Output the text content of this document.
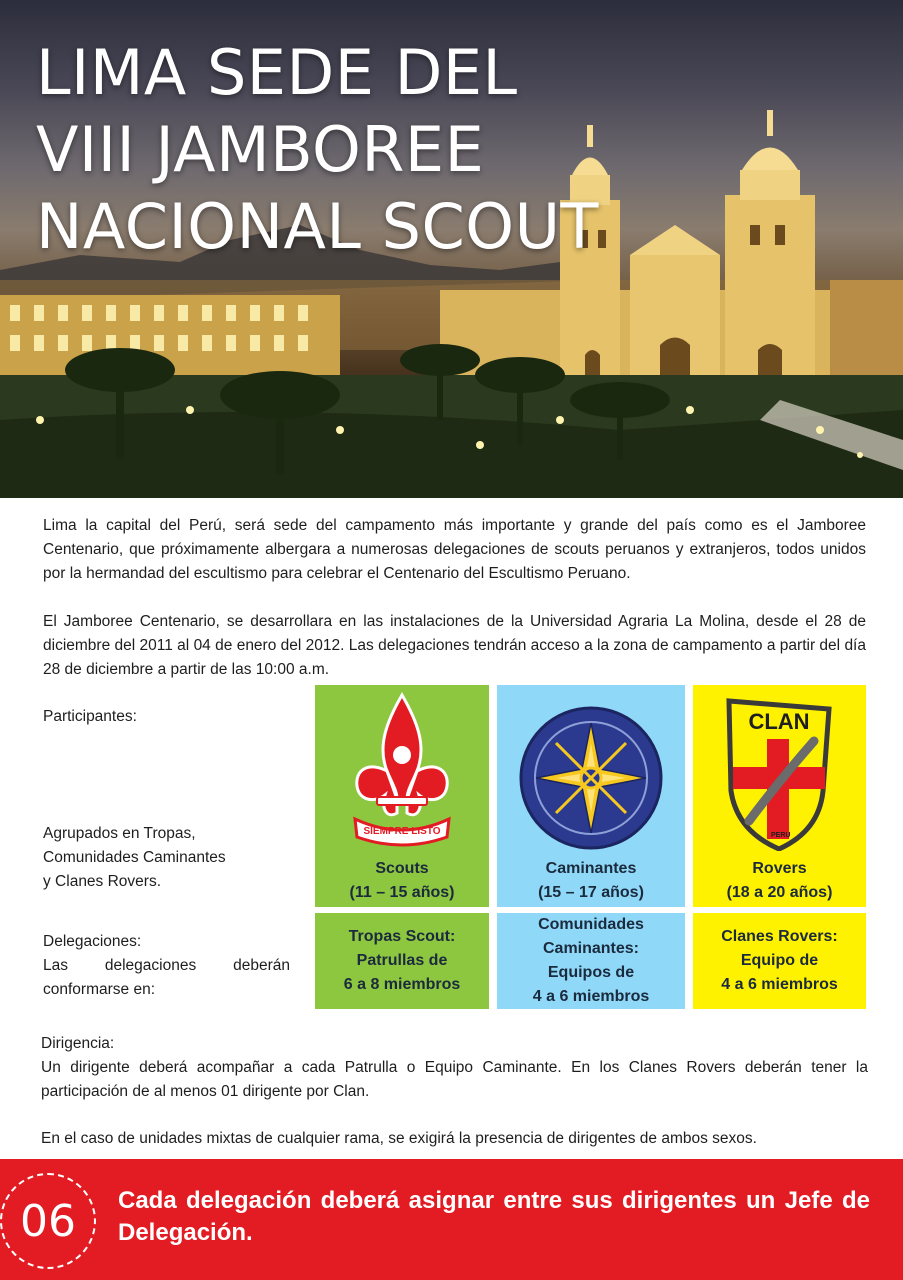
LIMA SEDE DEL
VIII JAMBOREE
NACIONAL SCOUT

Lima la capital del Perú, será sede del campamento más importante y grande del país como es el Jamboree Centenario, que próximamente albergara a numerosas delegaciones de scouts peruanos y extranjeros, todos unidos por la hermandad del escultismo para celebrar el Centenario del Escultismo Peruano.

El Jamboree Centenario, se desarrollara en las instalaciones de la Universidad Agraria La Molina, desde el 28 de diciembre del 2011 al 04 de enero del 2012. Las delegaciones tendrán acceso a la zona de campamento a partir del día 28 de diciembre a partir de las 10:00 a.m.

Participantes:

Agrupados en Tropas,
Comunidades Caminantes
y Clanes Rovers.

Delegaciones:

Las delegaciones deberán conformarse en:

SIEMPRE LISTO
Scouts
(11 – 15 años)
Caminantes
(15 – 17 años)
CLAN
PERU
Rovers
(18 a 20 años)
Tropas Scout:
Patrullas de
6 a 8 miembros
Comunidades
Caminantes:
Equipos de
4 a 6 miembros
Clanes Rovers:
Equipo de
4 a 6 miembros

Dirigencia:

Un dirigente deberá acompañar a cada Patrulla o Equipo Caminante. En los Clanes Rovers deberán tener la participación de al menos 01 dirigente por Clan.

En el caso de unidades mixtas de cualquier rama, se exigirá la presencia de dirigentes de ambos sexos.

06	Cada delegación deberá asignar entre sus dirigentes un Jefe de Delegación.
